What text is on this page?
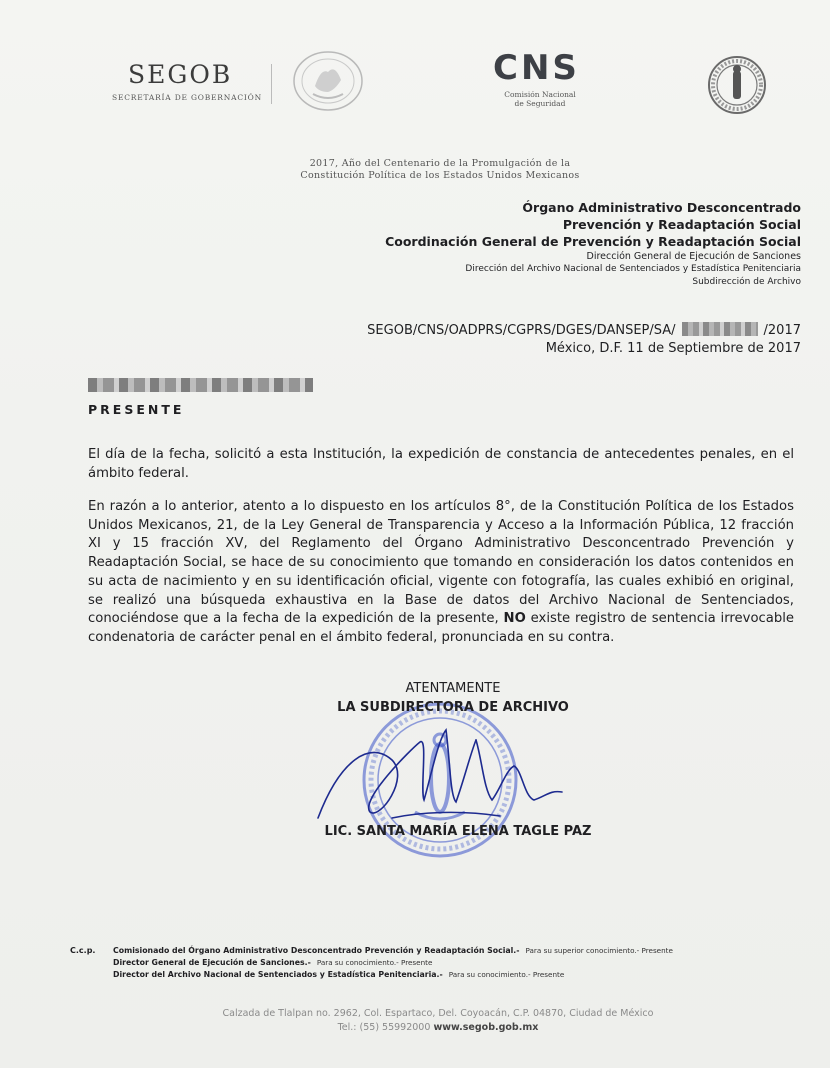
SEGOB
SECRETARÍA DE GOBERNACIÓN
CNS
Comisión Nacional
de Seguridad
2017, Año del Centenario de la Promulgación de la
Constitución Política de los Estados Unidos Mexicanos
Órgano Administrativo Desconcentrado
Prevención y Readaptación Social
Coordinación General de Prevención y Readaptación Social
Dirección General de Ejecución de Sanciones
Dirección del Archivo Nacional de Sentenciados y Estadística Penitenciaria
Subdirección de Archivo
SEGOB/CNS/OADPRS/CGPRS/DGES/DANSEP/SA/	/2017
México, D.F. 11 de Septiembre de 2017
PRESENTE
El día de la fecha, solicitó a esta Institución, la expedición de constancia de antecedentes penales, en el ámbito federal.
En razón a lo anterior, atento a lo dispuesto en los artículos 8°, de la Constitución Política de los Estados Unidos Mexicanos, 21, de la Ley General de Transparencia y Acceso a la Información Pública, 12 fracción XI y 15 fracción XV, del Reglamento del Órgano Administrativo Desconcentrado Prevención y Readaptación Social, se hace de su conocimiento que tomando en consideración los datos contenidos en su acta de nacimiento y en su identificación oficial, vigente con fotografía, las cuales exhibió en original, se realizó una búsqueda exhaustiva en la Base de datos del Archivo Nacional de Sentenciados, conociéndose que a la fecha de la expedición de la presente, NO existe registro de sentencia irrevocable condenatoria de carácter penal en el ámbito federal, pronunciada en su contra.
ATENTAMENTE
LA SUBDIRECTORA DE ARCHIVO
LIC. SANTA MARÍA ELENA TAGLE PAZ
C.c.p. Comisionado del Órgano Administrativo Desconcentrado Prevención y Readaptación Social.- Para su superior conocimiento.- Presente
Director General de Ejecución de Sanciones.- Para su conocimiento.- Presente
Director del Archivo Nacional de Sentenciados y Estadística Penitenciaria.- Para su conocimiento.- Presente
Calzada de Tlalpan no. 2962, Col. Espartaco, Del. Coyoacán, C.P. 04870, Ciudad de México
Tel.: (55) 55992000 www.segob.gob.mx
